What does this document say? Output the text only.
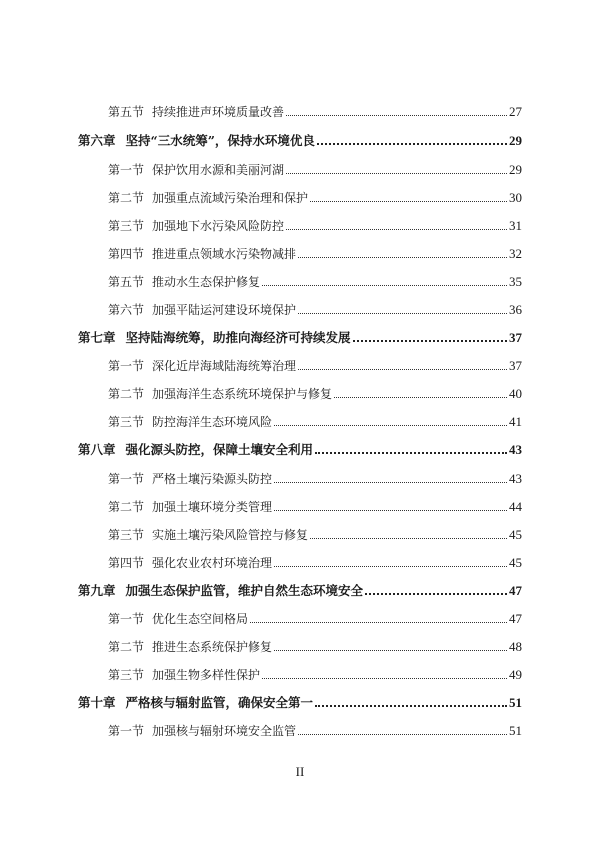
第五节 持续推进声环境质量改善	27
第六章 坚持“三水统筹”，保持水环境优良	29
第一节 保护饮用水源和美丽河湖	29
第二节 加强重点流域污染治理和保护	30
第三节 加强地下水污染风险防控	31
第四节 推进重点领域水污染物减排	32
第五节 推动水生态保护修复	35
第六节 加强平陆运河建设环境保护	36
第七章 坚持陆海统筹，助推向海经济可持续发展	37
第一节 深化近岸海域陆海统筹治理	37
第二节 加强海洋生态系统环境保护与修复	40
第三节 防控海洋生态环境风险	41
第八章 强化源头防控，保障土壤安全利用	43
第一节 严格土壤污染源头防控	43
第二节 加强土壤环境分类管理	44
第三节 实施土壤污染风险管控与修复	45
第四节 强化农业农村环境治理	45
第九章 加强生态保护监管，维护自然生态环境安全	47
第一节 优化生态空间格局	47
第二节 推进生态系统保护修复	48
第三节 加强生物多样性保护	49
第十章 严格核与辐射监管，确保安全第一	51
第一节 加强核与辐射环境安全监管	51
II
